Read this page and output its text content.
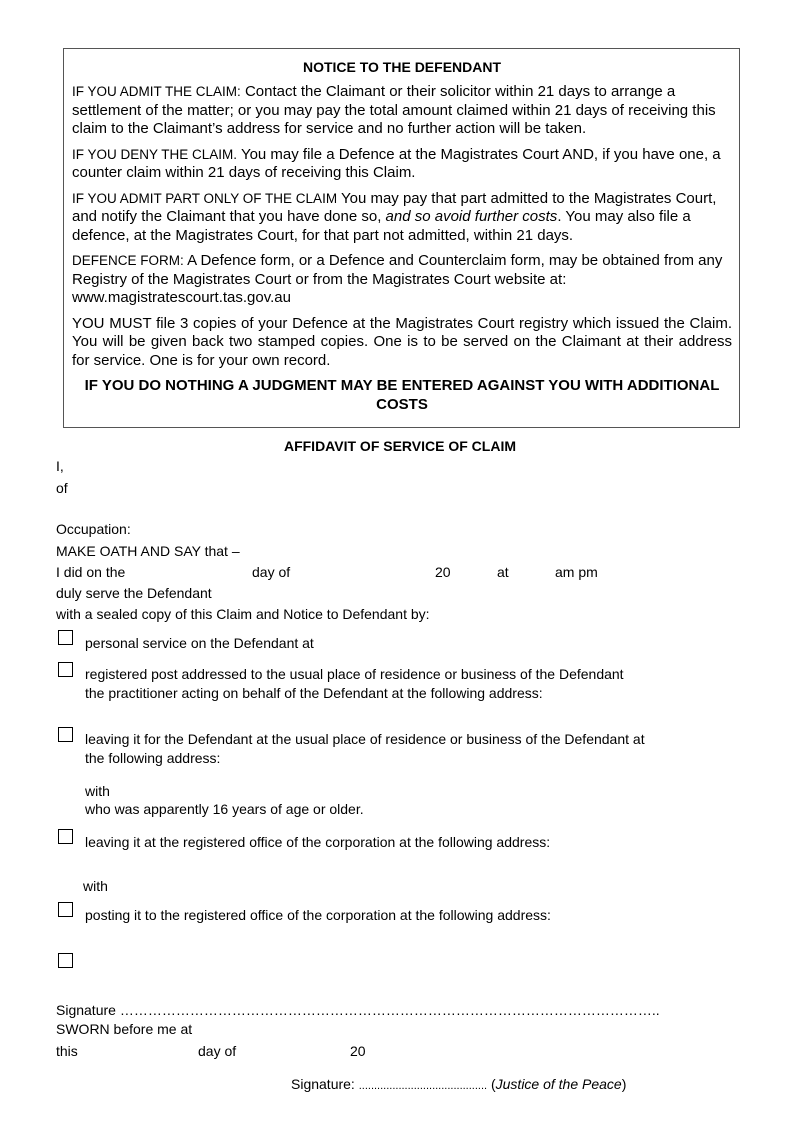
NOTICE TO THE DEFENDANT

IF YOU ADMIT THE CLAIM: Contact the Claimant or their solicitor within 21 days to arrange a settlement of the matter; or you may pay the total amount claimed within 21 days of receiving this claim to the Claimant’s address for service and no further action will be taken.

IF YOU DENY THE CLAIM. You may file a Defence at the Magistrates Court AND, if you have one, a counter claim within 21 days of receiving this Claim.

IF YOU ADMIT PART ONLY OF THE CLAIM You may pay that part admitted to the Magistrates Court, and notify the Claimant that you have done so, and so avoid further costs. You may also file a defence, at the Magistrates Court, for that part not admitted, within 21 days.

DEFENCE FORM: A Defence form, or a Defence and Counterclaim form, may be obtained from any Registry of the Magistrates Court or from the Magistrates Court website at:
www.magistratescourt.tas.gov.au

YOU MUST file 3 copies of your Defence at the Magistrates Court registry which issued the Claim. You will be given back two stamped copies. One is to be served on the Claimant at their address for service. One is for your own record.

IF YOU DO NOTHING A JUDGMENT MAY BE ENTERED AGAINST YOU WITH ADDITIONAL COSTS
AFFIDAVIT OF SERVICE OF CLAIM
I,
of
Occupation:
MAKE OATH AND SAY that –
I did on the	day of	20	at	am pm
duly serve the Defendant
with a sealed copy of this Claim and Notice to Defendant by:
personal service on the Defendant at
registered post addressed to the usual place of residence or business of the Defendant
the practitioner acting on behalf of the Defendant at the following address:
leaving it for the Defendant at the usual place of residence or business of the Defendant at
the following address:
with
who was apparently 16 years of age or older.
leaving it at the registered office of the corporation at the following address:
with
posting it to the registered office of the corporation at the following address:
Signature ……………………………………………………………………………………………………..
SWORN before me at
this	day of	20
Signature: .......................................... (Justice of the Peace)
